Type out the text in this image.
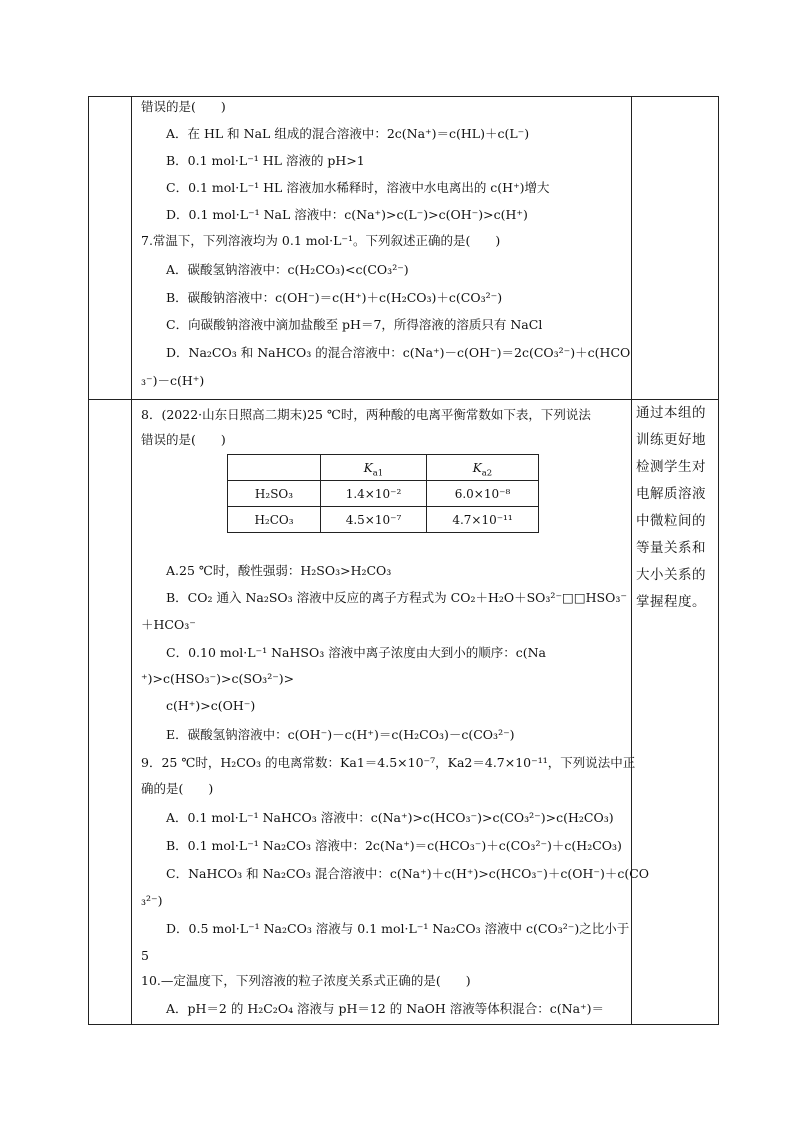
错误的是(　　)
A．在 HL 和 NaL 组成的混合溶液中：2c(Na⁺)＝c(HL)＋c(L⁻)
B．0.1 mol·L⁻¹ HL 溶液的 pH>1
C．0.1 mol·L⁻¹ HL 溶液加水稀释时，溶液中水电离出的 c(H⁺)增大
D．0.1 mol·L⁻¹ NaL 溶液中：c(Na⁺)>c(L⁻)>c(OH⁻)>c(H⁺)
7.常温下，下列溶液均为 0.1 mol·L⁻¹。下列叙述正确的是(　　)
A．碳酸氢钠溶液中：c(H₂CO₃)<c(CO₃²⁻)
B．碳酸钠溶液中：c(OH⁻)＝c(H⁺)＋c(H₂CO₃)＋c(CO₃²⁻)
C．向碳酸钠溶液中滴加盐酸至 pH＝7，所得溶液的溶质只有 NaCl
D．Na₂CO₃ 和 NaHCO₃ 的混合溶液中：c(Na⁺)－c(OH⁻)＝2c(CO₃²⁻)＋c(HCO
₃⁻)－c(H⁺)
8．(2022·山东日照高二期末)25 ℃时，两种酸的电离平衡常数如下表，下列说法
错误的是(　　)
	$K_{a1}$	$K_{a2}$
H₂SO₃	1.4×10⁻²	6.0×10⁻⁸
H₂CO₃	4.5×10⁻⁷	4.7×10⁻¹¹
A.25 ℃时，酸性强弱：H₂SO₃>H₂CO₃
B．CO₂ 通入 Na₂SO₃ 溶液中反应的离子方程式为 CO₂＋H₂O＋SO₃²⁻□□HSO₃⁻
＋HCO₃⁻
C．0.10 mol·L⁻¹ NaHSO₃ 溶液中离子浓度由大到小的顺序：c(Na
⁺)>c(HSO₃⁻)>c(SO₃²⁻)>
c(H⁺)>c(OH⁻)
E．碳酸氢钠溶液中：c(OH⁻)－c(H⁺)＝c(H₂CO₃)－c(CO₃²⁻)
9．25 ℃时，H₂CO₃ 的电离常数：Ka1＝4.5×10⁻⁷，Ka2＝4.7×10⁻¹¹，下列说法中正
确的是(　　)
A．0.1 mol·L⁻¹ NaHCO₃ 溶液中：c(Na⁺)>c(HCO₃⁻)>c(CO₃²⁻)>c(H₂CO₃)
B．0.1 mol·L⁻¹ Na₂CO₃ 溶液中：2c(Na⁺)＝c(HCO₃⁻)＋c(CO₃²⁻)＋c(H₂CO₃)
C．NaHCO₃ 和 Na₂CO₃ 混合溶液中：c(Na⁺)＋c(H⁺)>c(HCO₃⁻)＋c(OH⁻)＋c(CO
₃²⁻)
D．0.5 mol·L⁻¹ Na₂CO₃ 溶液与 0.1 mol·L⁻¹ Na₂CO₃ 溶液中 c(CO₃²⁻)之比小于
5
10.—定温度下，下列溶液的粒子浓度关系式正确的是(　　)
A．pH＝2 的 H₂C₂O₄ 溶液与 pH＝12 的 NaOH 溶液等体积混合：c(Na⁺)＝
通过本组的
训练更好地
检测学生对
电解质溶液
中微粒间的
等量关系和
大小关系的
掌握程度。
